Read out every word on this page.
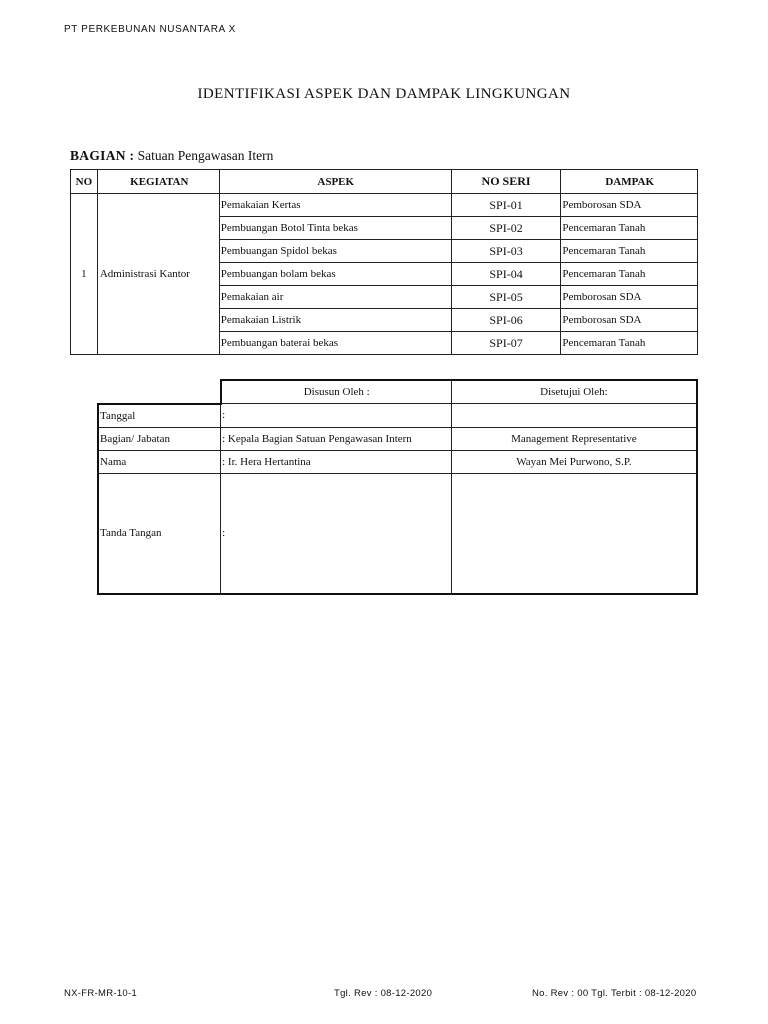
PT PERKEBUNAN NUSANTARA X
IDENTIFIKASI ASPEK DAN DAMPAK LINGKUNGAN
BAGIAN : Satuan Pengawasan Itern
NO	KEGIATAN	ASPEK	NO SERI	DAMPAK
1	Administrasi Kantor	Pemakaian Kertas	SPI-01	Pemborosan SDA
		Pembuangan Botol Tinta bekas	SPI-02	Pencemaran Tanah
		Pembuangan Spidol bekas	SPI-03	Pencemaran Tanah
		Pembuangan bolam bekas	SPI-04	Pencemaran Tanah
		Pemakaian air	SPI-05	Pemborosan SDA
		Pemakaian Listrik	SPI-06	Pemborosan SDA
		Pembuangan baterai bekas	SPI-07	Pencemaran Tanah
	Disusun Oleh :	Disetujui Oleh:
Tanggal	:	
Bagian/ Jabatan	: Kepala Bagian Satuan Pengawasan Intern	Management Representative
Nama	: Ir. Hera Hertantina	Wayan Mei Purwono, S.P.
Tanda Tangan	:	
NX-FR-MR-10-1	Tgl. Rev : 08-12-2020	No. Rev : 00 Tgl. Terbit : 08-12-2020
